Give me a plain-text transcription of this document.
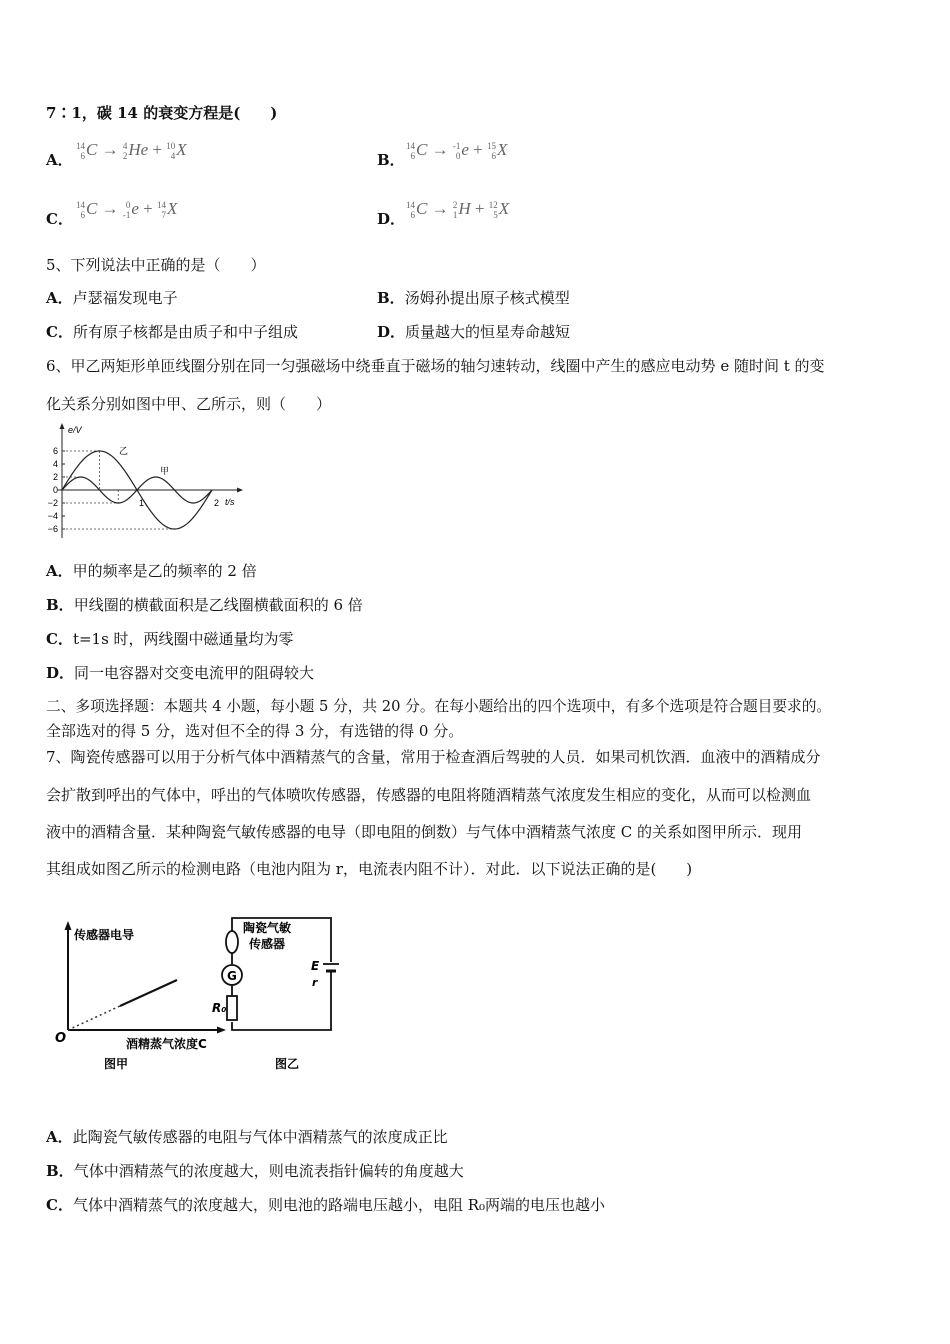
7∶1，碳 14 的衰变方程是(　　)
A．
14
6 C → 4
2 He + 10
4 X
B．
14
6 C → -1
0 e + 15
6 X
C．
14
6 C → 0
-1 e + 14
7 X
D．
14
6 C → 2
1 H + 12
5 X
5、下列说法中正确的是（　　）
A．卢瑟福发现电子	B．汤姆孙提出原子核式模型
C．所有原子核都是由质子和中子组成	D．质量越大的恒星寿命越短
6、甲乙两矩形单匝线圈分别在同一匀强磁场中绕垂直于磁场的轴匀速转动，线圈中产生的感应电动势 e 随时间 t 的变
化关系分别如图中甲、乙所示，则（　　）
e/V
t/s
6
4
2
0
−2
−4
−6
1	2
乙
甲
A．甲的频率是乙的频率的 2 倍
B．甲线圈的横截面积是乙线圈横截面积的 6 倍
C．t=1s 时，两线圈中磁通量均为零
D．同一电容器对交变电流甲的阻碍较大
二、多项选择题：本题共 4 小题，每小题 5 分，共 20 分。在每小题给出的四个选项中，有多个选项是符合题目要求的。
全部选对的得 5 分，选对但不全的得 3 分，有选错的得 0 分。
7、陶瓷传感器可以用于分析气体中酒精蒸气的含量，常用于检查酒后驾驶的人员．如果司机饮酒．血液中的酒精成分
会扩散到呼出的气体中，呼出的气体喷吹传感器，传感器的电阻将随酒精蒸气浓度发生相应的变化，从而可以检测血
液中的酒精含量．某种陶瓷气敏传感器的电导（即电阻的倒数）与气体中酒精蒸气浓度 C 的关系如图甲所示．现用
其组成如图乙所示的检测电路（电池内阻为 r，电流表内阻不计）．对此．以下说法正确的是(　　)
传感器电导
O	酒精蒸气浓度C
图甲
G
R₀
E
r
陶瓷气敏
传感器
图乙
A．此陶瓷气敏传感器的电阻与气体中酒精蒸气的浓度成正比
B．气体中酒精蒸气的浓度越大，则电流表指针偏转的角度越大
C．气体中酒精蒸气的浓度越大，则电池的路端电压越小，电阻 R₀两端的电压也越小
